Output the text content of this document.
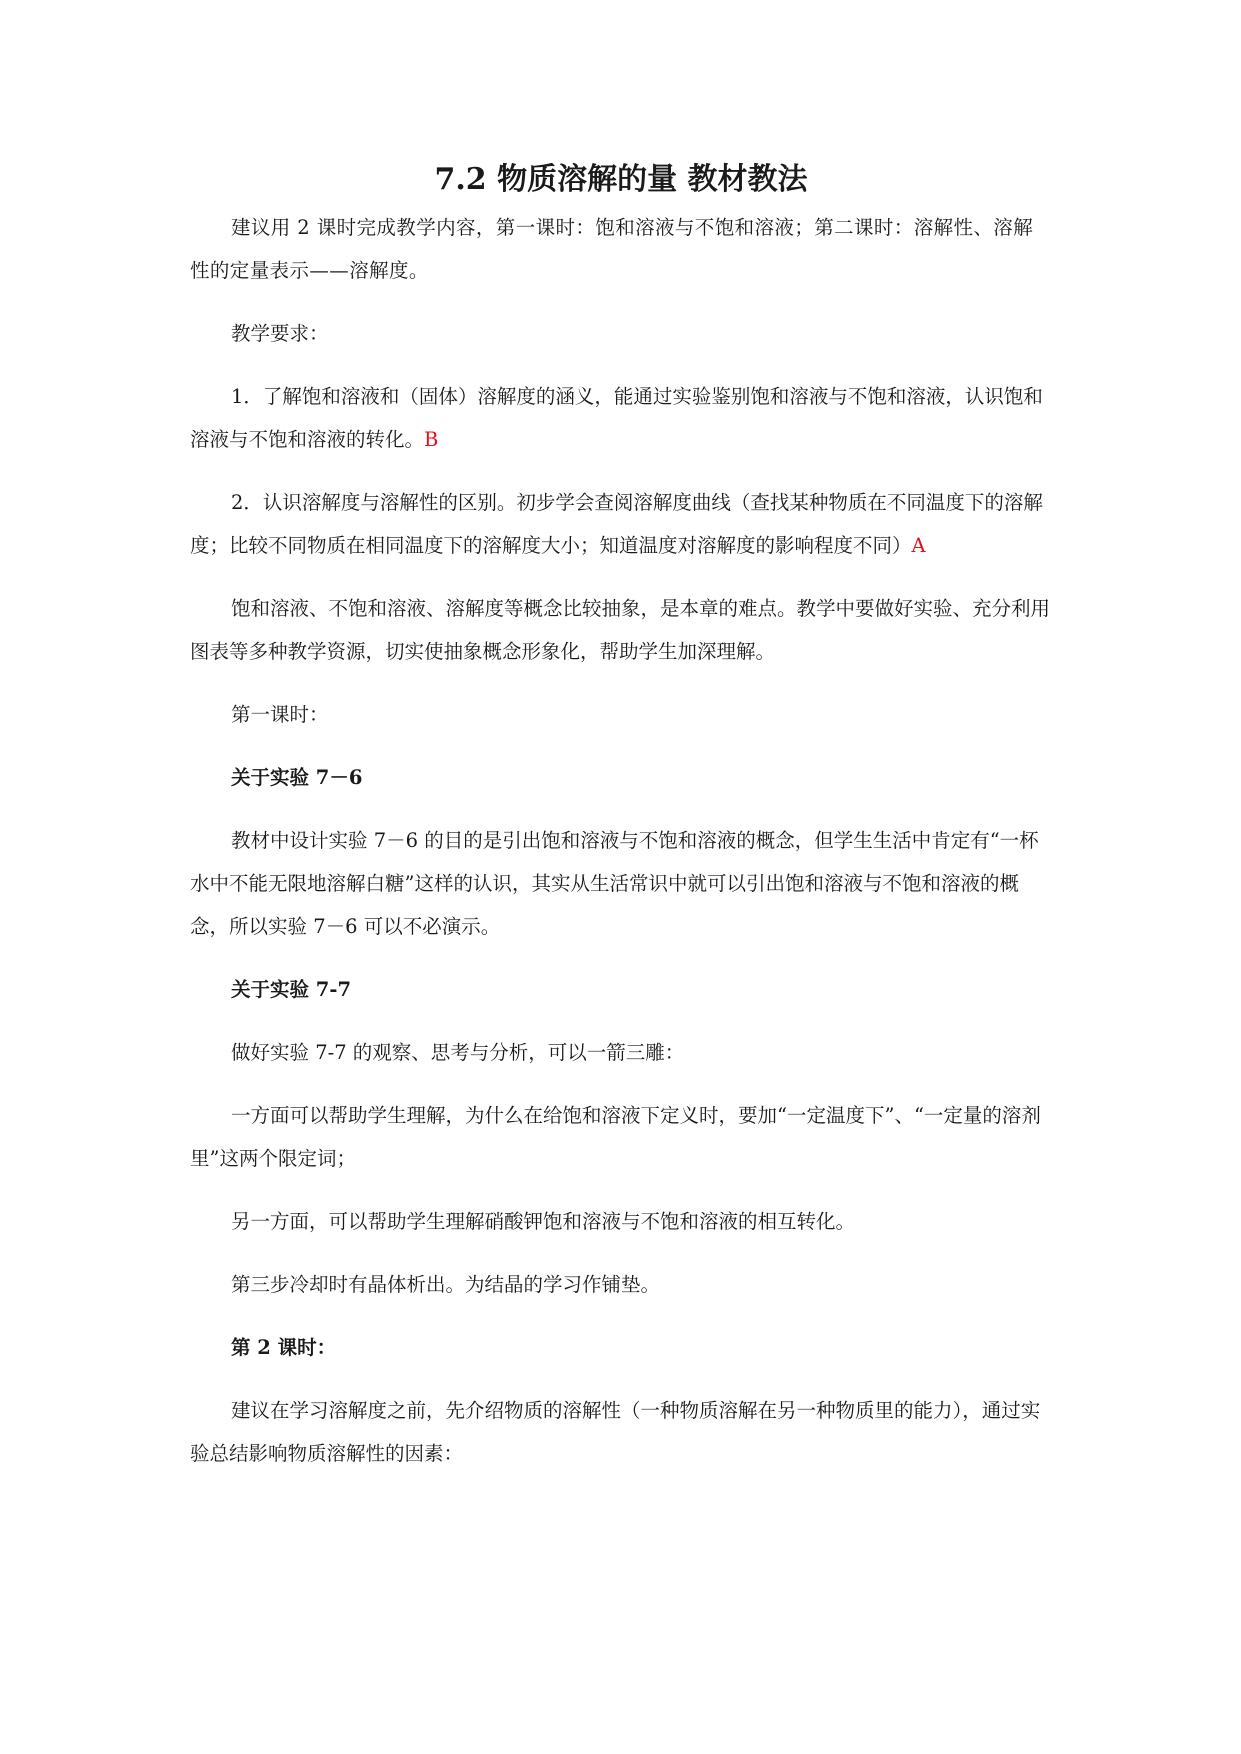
7.2 物质溶解的量 教材教法

建议用 2 课时完成教学内容，第一课时：饱和溶液与不饱和溶液；第二课时：溶解性、溶解性的定量表示——溶解度。

教学要求：

1．了解饱和溶液和（固体）溶解度的涵义，能通过实验鉴别饱和溶液与不饱和溶液，认识饱和溶液与不饱和溶液的转化。B

2．认识溶解度与溶解性的区别。初步学会查阅溶解度曲线（查找某种物质在不同温度下的溶解度；比较不同物质在相同温度下的溶解度大小；知道温度对溶解度的影响程度不同）A

饱和溶液、不饱和溶液、溶解度等概念比较抽象，是本章的难点。教学中要做好实验、充分利用图表等多种教学资源，切实使抽象概念形象化，帮助学生加深理解。

第一课时：

关于实验 7－6

教材中设计实验 7－6 的目的是引出饱和溶液与不饱和溶液的概念，但学生生活中肯定有“一杯水中不能无限地溶解白糖”这样的认识，其实从生活常识中就可以引出饱和溶液与不饱和溶液的概念，所以实验 7－6 可以不必演示。

关于实验 7-7

做好实验 7-7 的观察、思考与分析，可以一箭三雕：

一方面可以帮助学生理解，为什么在给饱和溶液下定义时，要加“一定温度下”、“一定量的溶剂里”这两个限定词；

另一方面，可以帮助学生理解硝酸钾饱和溶液与不饱和溶液的相互转化。

第三步冷却时有晶体析出。为结晶的学习作铺垫。

第 2 课时：

建议在学习溶解度之前，先介绍物质的溶解性（一种物质溶解在另一种物质里的能力），通过实验总结影响物质溶解性的因素：
